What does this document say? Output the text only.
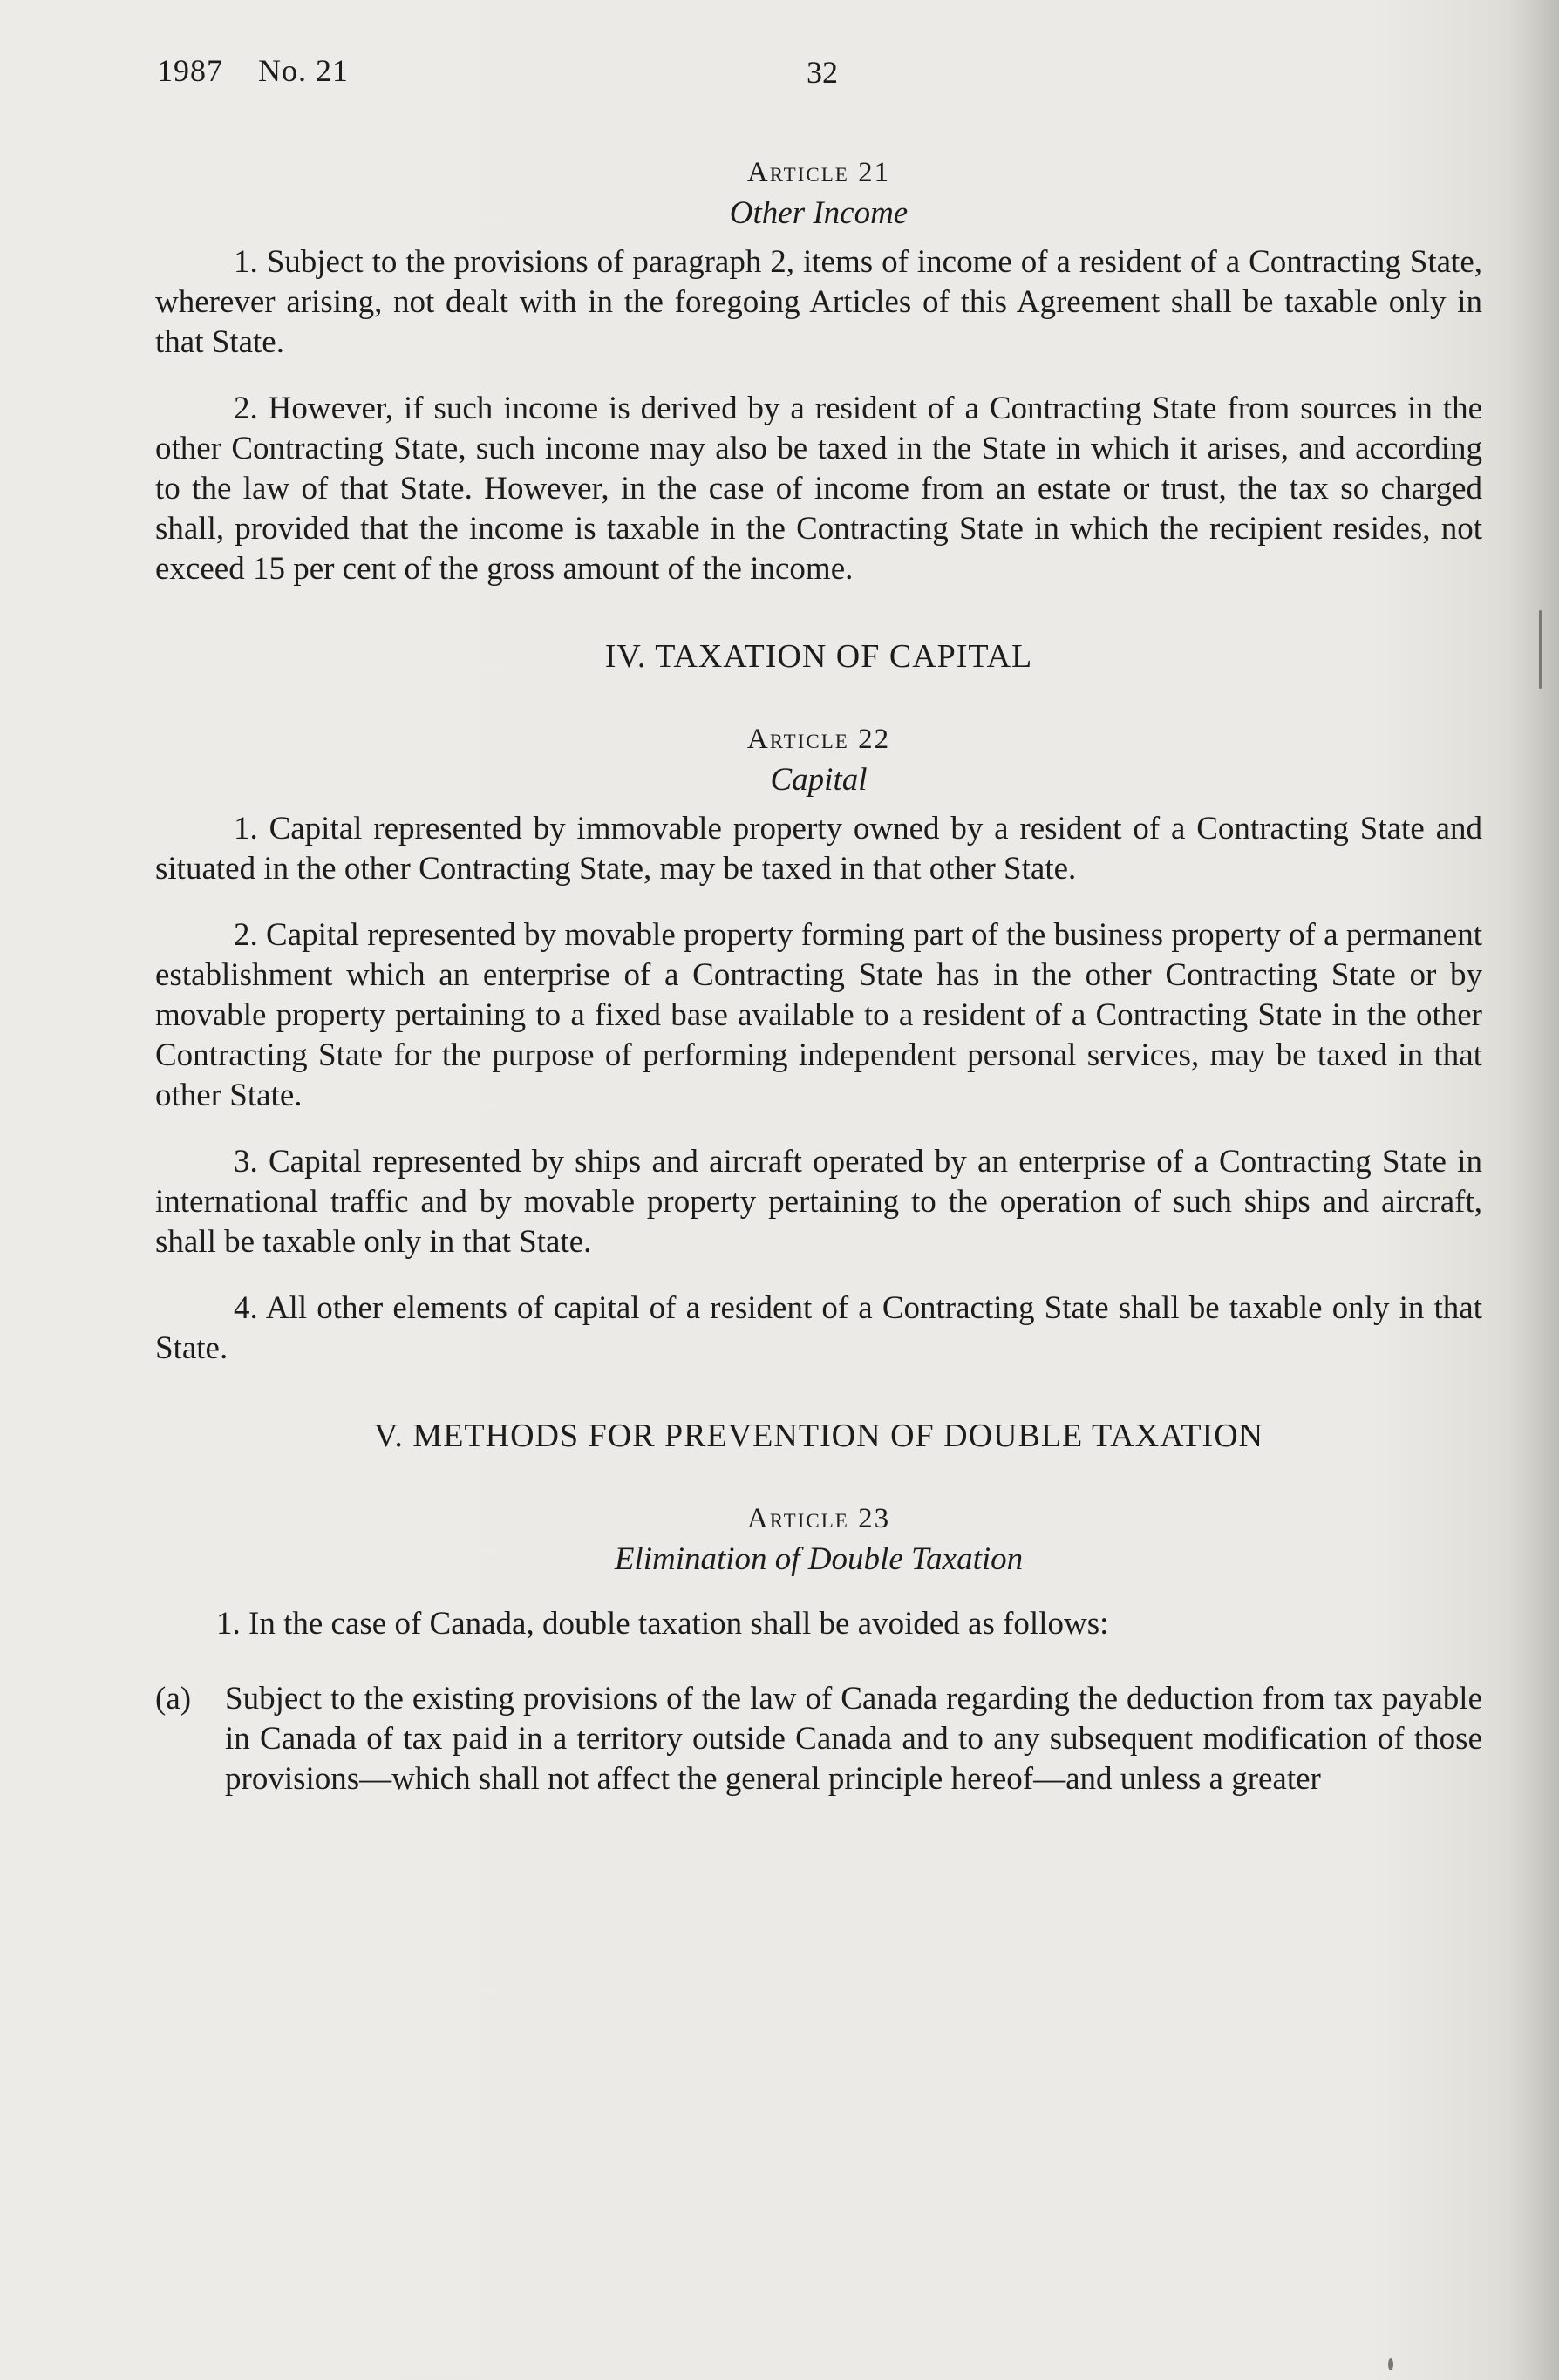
1987    No. 21	32
Article 21
Other Income

1. Subject to the provisions of paragraph 2, items of income of a resident of a Contracting State, wherever arising, not dealt with in the foregoing Articles of this Agreement shall be taxable only in that State.

2. However, if such income is derived by a resident of a Contracting State from sources in the other Contracting State, such income may also be taxed in the State in which it arises, and according to the law of that State. However, in the case of income from an estate or trust, the tax so charged shall, provided that the income is taxable in the Contracting State in which the recipient resides, not exceed 15 per cent of the gross amount of the income.

IV. TAXATION OF CAPITAL
Article 22
Capital

1. Capital represented by immovable property owned by a resident of a Contracting State and situated in the other Contracting State, may be taxed in that other State.

2. Capital represented by movable property forming part of the business property of a permanent establishment which an enterprise of a Contracting State has in the other Contracting State or by movable property pertaining to a fixed base available to a resident of a Contracting State in the other Contracting State for the purpose of performing independent personal services, may be taxed in that other State.

3. Capital represented by ships and aircraft operated by an enterprise of a Contracting State in international traffic and by movable property pertaining to the operation of such ships and aircraft, shall be taxable only in that State.

4. All other elements of capital of a resident of a Contracting State shall be taxable only in that State.

V. METHODS FOR PREVENTION OF DOUBLE TAXATION
Article 23
Elimination of Double Taxation

1. In the case of Canada, double taxation shall be avoided as follows:

(a)	Subject to the existing provisions of the law of Canada regarding the deduction from tax payable in Canada of tax paid in a territory outside Canada and to any subsequent modification of those provisions—which shall not affect the general principle hereof—and unless a greater
